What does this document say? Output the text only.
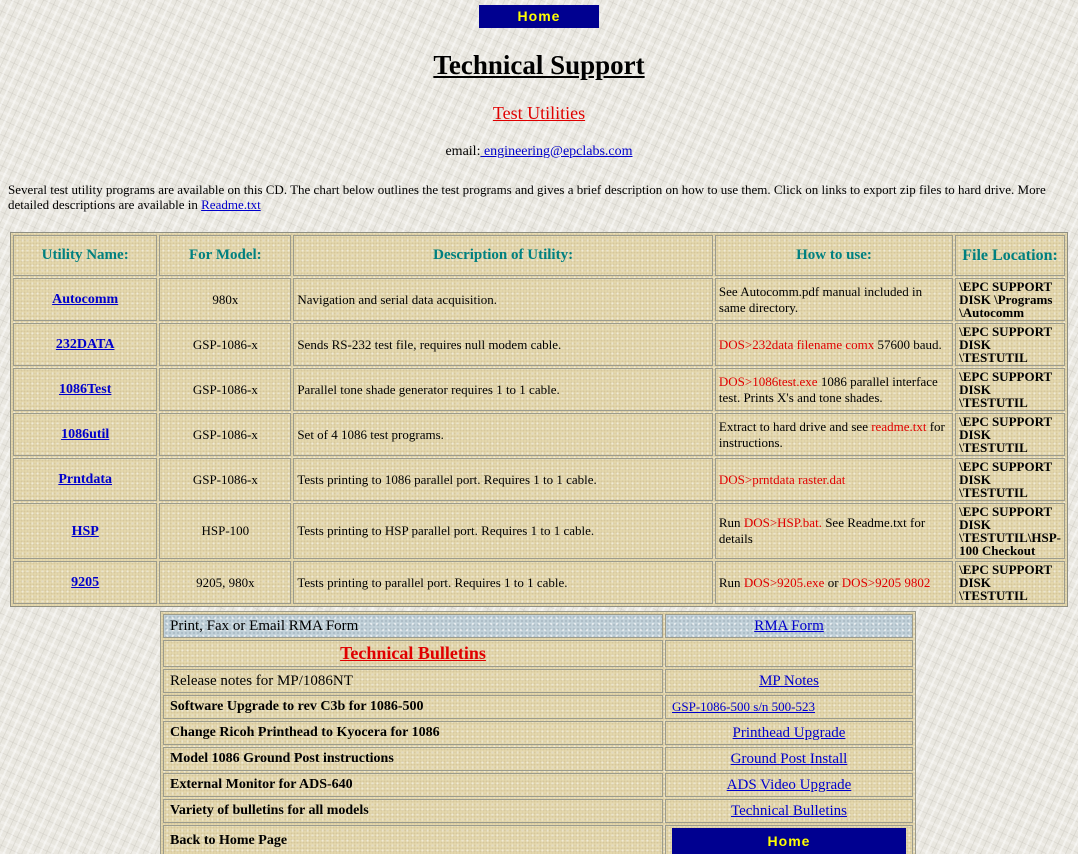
Home
Technical Support
Test Utilities
email: engineering@epclabs.com
Several test utility programs are available on this CD. The chart below outlines the test programs and gives a brief description on how to use them. Click on links to export zip files to hard drive. More detailed descriptions are available in Readme.txt
Utility Name:	For Model:	Description of Utility:	How to use:	File Location:
Autocomm	980x	Navigation and serial data acquisition.	See Autocomm.pdf manual included in same directory.	\EPC SUPPORT DISK \Programs \Autocomm
232DATA	GSP-1086-x	Sends RS-232 test file, requires null modem cable.	DOS>232data filename comx 57600 baud.	\EPC SUPPORT DISK \TESTUTIL
1086Test	GSP-1086-x	Parallel tone shade generator requires 1 to 1 cable.	DOS>1086test.exe 1086 parallel interface test. Prints X's and tone shades.	\EPC SUPPORT DISK \TESTUTIL
1086util	GSP-1086-x	Set of 4 1086 test programs.	Extract to hard drive and see readme.txt for instructions.	\EPC SUPPORT DISK \TESTUTIL
Prntdata	GSP-1086-x	Tests printing to 1086 parallel port. Requires 1 to 1 cable.	DOS>prntdata raster.dat	\EPC SUPPORT DISK \TESTUTIL
HSP	HSP-100	Tests printing to HSP parallel port. Requires 1 to 1 cable.	Run DOS>HSP.bat. See Readme.txt for details	\EPC SUPPORT DISK \TESTUTIL\HSP-100 Checkout
9205	9205, 980x	Tests printing to parallel port. Requires 1 to 1 cable.	Run DOS>9205.exe or DOS>9205 9802	\EPC SUPPORT DISK \TESTUTIL
Print, Fax or Email RMA Form	RMA Form

Technical Bulletins	

Release notes for MP/1086NT	MP Notes
Software Upgrade to rev C3b for 1086-500	GSP-1086-500 s/n 500-523
Change Ricoh Printhead to Kyocera for 1086	Printhead Upgrade
Model 1086 Ground Post instructions	Ground Post Install
External Monitor for ADS-640	ADS Video Upgrade
Variety of bulletins for all models	Technical Bulletins
Back to Home Page	Home
